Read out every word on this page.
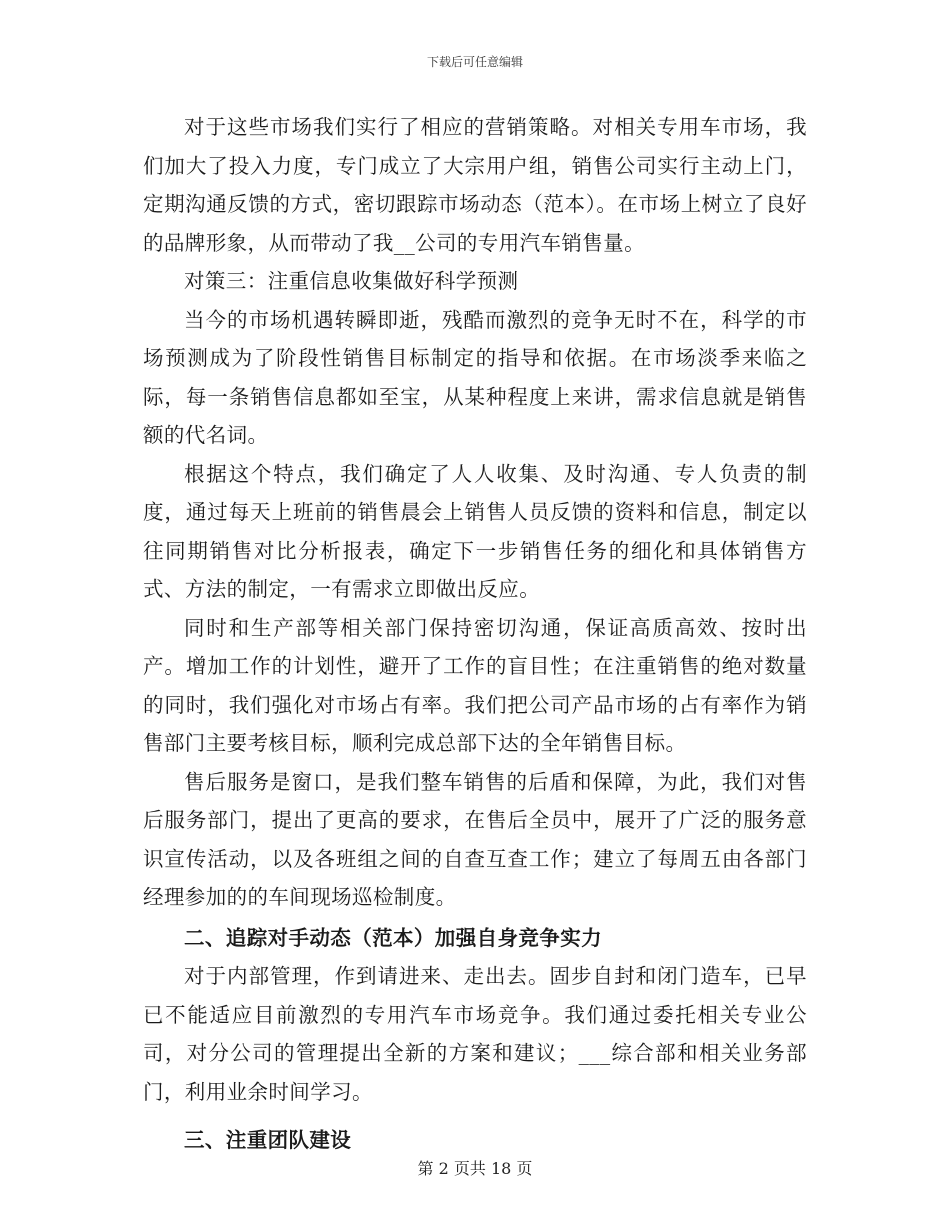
下载后可任意编辑

对于这些市场我们实行了相应的营销策略。对相关专用车市场，我们加大了投入力度，专门成立了大宗用户组，销售公司实行主动上门，定期沟通反馈的方式，密切跟踪市场动态（范本）。在市场上树立了良好的品牌形象，从而带动了我__公司的专用汽车销售量。

对策三：注重信息收集做好科学预测

当今的市场机遇转瞬即逝，残酷而激烈的竞争无时不在，科学的市场预测成为了阶段性销售目标制定的指导和依据。在市场淡季来临之际，每一条销售信息都如至宝，从某种程度上来讲，需求信息就是销售额的代名词。

根据这个特点，我们确定了人人收集、及时沟通、专人负责的制度，通过每天上班前的销售晨会上销售人员反馈的资料和信息，制定以往同期销售对比分析报表，确定下一步销售任务的细化和具体销售方式、方法的制定，一有需求立即做出反应。

同时和生产部等相关部门保持密切沟通，保证高质高效、按时出产。增加工作的计划性，避开了工作的盲目性；在注重销售的绝对数量的同时，我们强化对市场占有率。我们把公司产品市场的占有率作为销售部门主要考核目标，顺利完成总部下达的全年销售目标。

售后服务是窗口，是我们整车销售的后盾和保障，为此，我们对售后服务部门，提出了更高的要求，在售后全员中，展开了广泛的服务意识宣传活动，以及各班组之间的自查互查工作；建立了每周五由各部门经理参加的的车间现场巡检制度。

二、追踪对手动态（范本）加强自身竞争实力

对于内部管理，作到请进来、走出去。固步自封和闭门造车，已早已不能适应目前激烈的专用汽车市场竞争。我们通过委托相关专业公司，对分公司的管理提出全新的方案和建议；___综合部和相关业务部门，利用业余时间学习。

三、注重团队建设

第 2 页共 18 页
